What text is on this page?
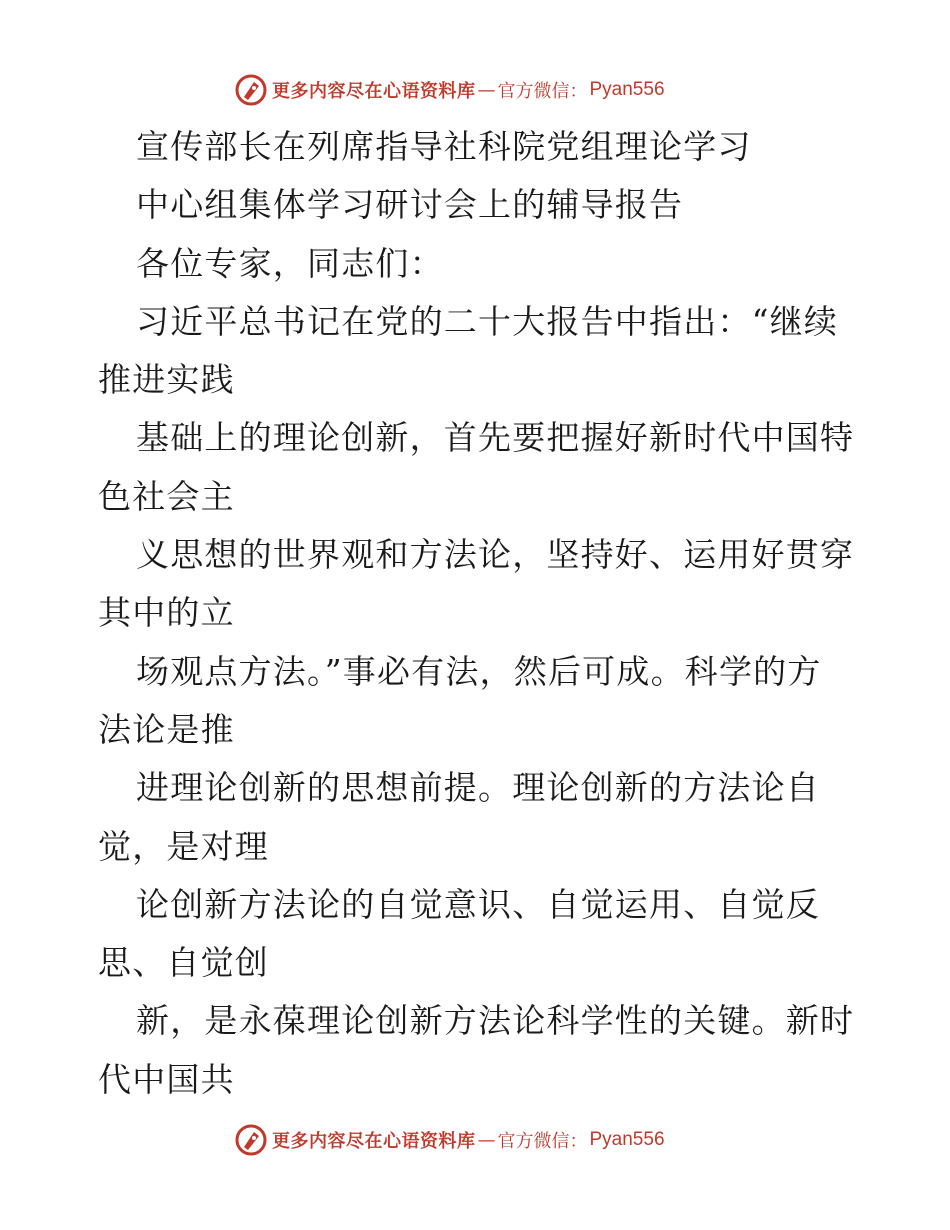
更多内容尽在心语资料库 — 官方微信： Pyan556
宣传部长在列席指导社科院党组理论学习
中心组集体学习研讨会上的辅导报告
各位专家，同志们：
习近平总书记在党的二十大报告中指出：“继续
推进实践
基础上的理论创新，首先要把握好新时代中国特
色社会主
义思想的世界观和方法论，坚持好、运用好贯穿
其中的立
场观点方法。”事必有法，然后可成。科学的方
法论是推
进理论创新的思想前提。理论创新的方法论自
觉，是对理
论创新方法论的自觉意识、自觉运用、自觉反
思、自觉创
新，是永葆理论创新方法论科学性的关键。新时
代中国共
更多内容尽在心语资料库 — 官方微信： Pyan556
